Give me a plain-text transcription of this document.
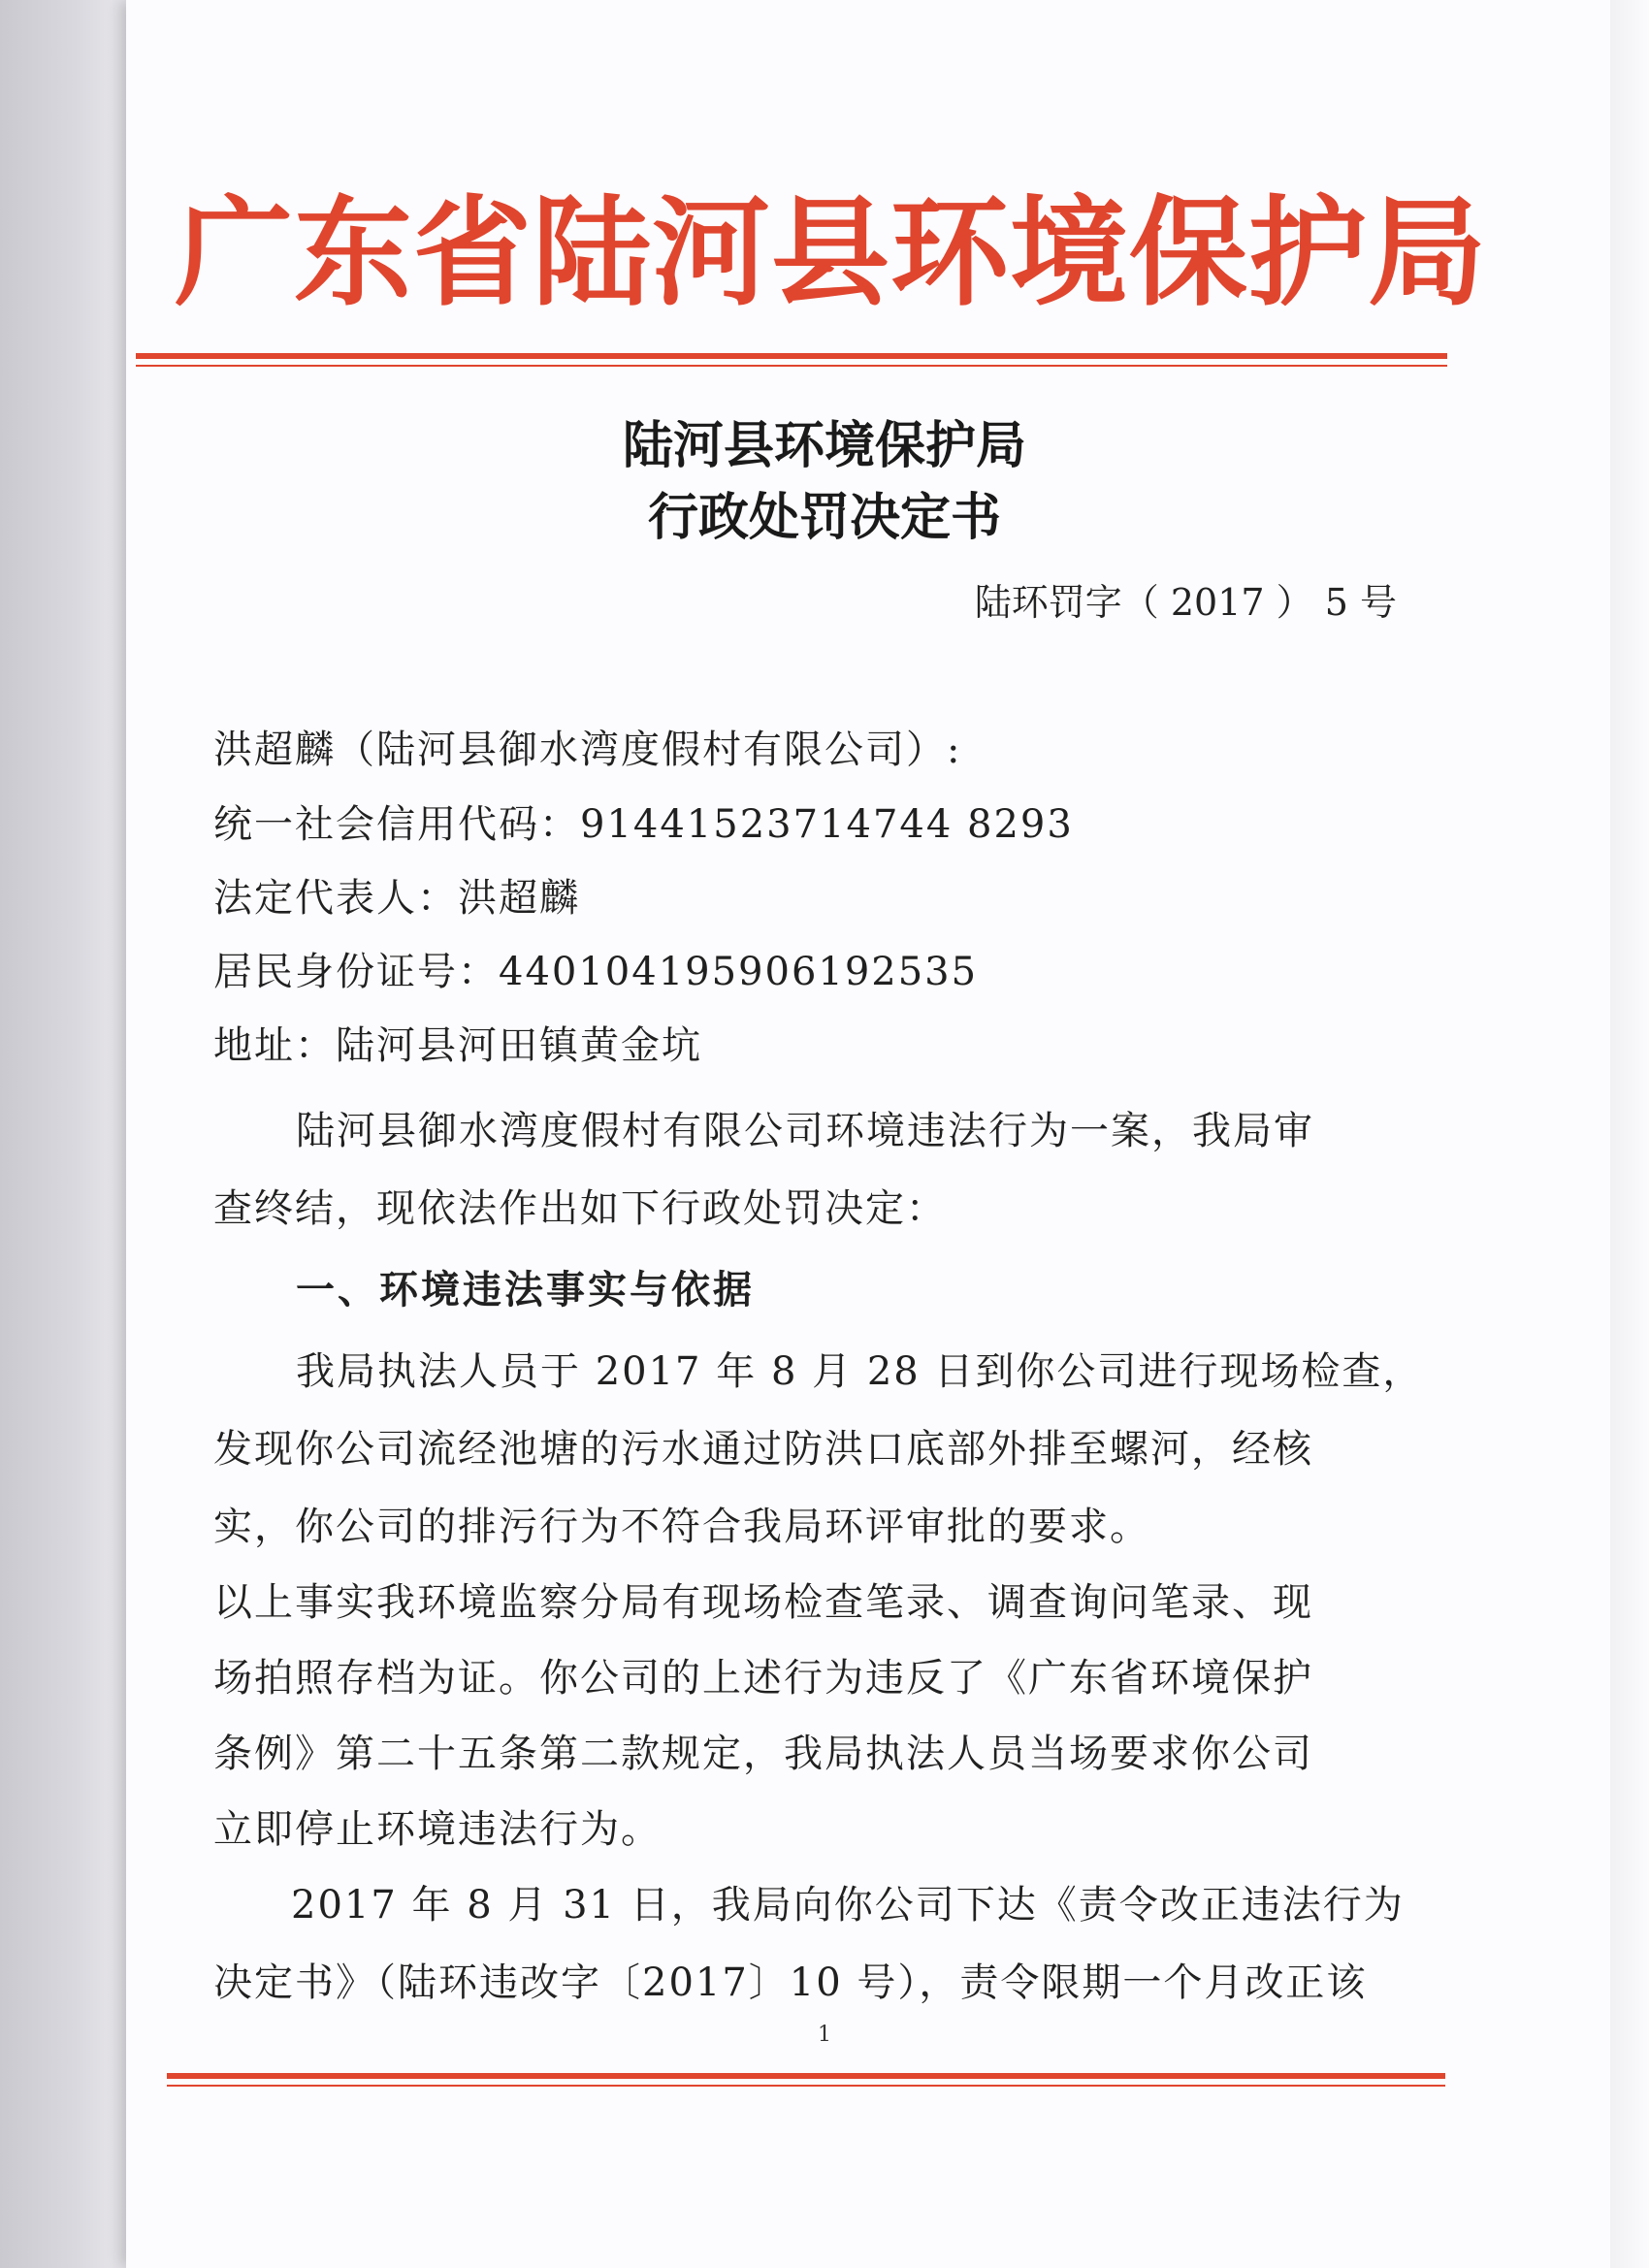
广东省陆河县环境保护局
陆河县环境保护局
行政处罚决定书
陆环罚字（ 2017 ） 5 号
洪超麟（陆河县御水湾度假村有限公司）:
统一社会信用代码：91441523714744 8293
法定代表人：洪超麟
居民身份证号：440104195906192535
地址：陆河县河田镇黄金坑
陆河县御水湾度假村有限公司环境违法行为一案，我局审
查终结，现依法作出如下行政处罚决定：
一、环境违法事实与依据
我局执法人员于 2017 年 8 月 28 日到你公司进行现场检查，
发现你公司流经池塘的污水通过防洪口底部外排至螺河，经核
实，你公司的排污行为不符合我局环评审批的要求。
以上事实我环境监察分局有现场检查笔录、调查询问笔录、现
场拍照存档为证。你公司的上述行为违反了《广东省环境保护
条例》第二十五条第二款规定，我局执法人员当场要求你公司
立即停止环境违法行为。
2017 年 8 月 31 日，我局向你公司下达《责令改正违法行为
决定书》（陆环违改字〔2017〕10 号），责令限期一个月改正该
1
